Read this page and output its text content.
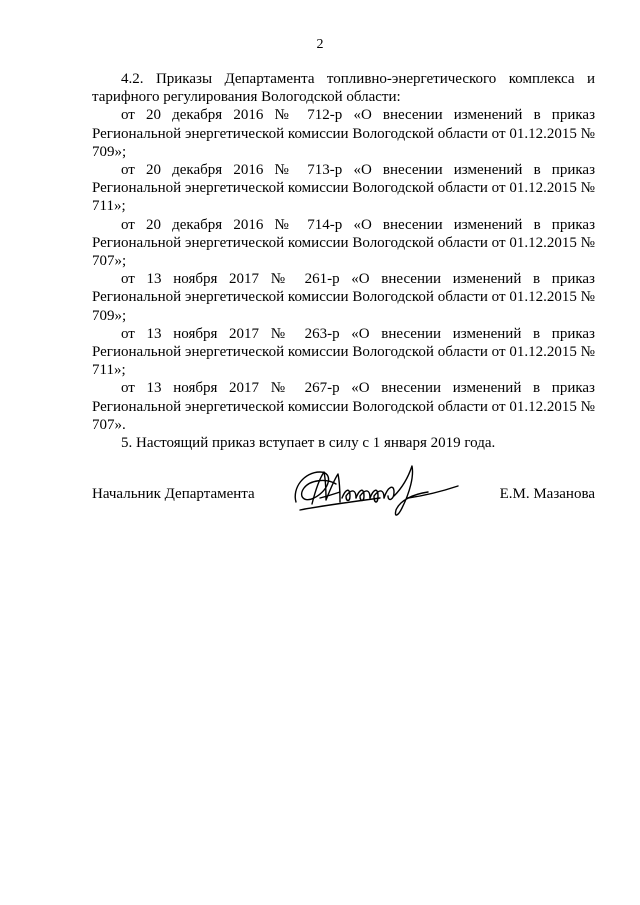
2

4.2. Приказы Департамента топливно-энергетического комплекса и тарифного регулирования Вологодской области:

от 20 декабря 2016 № 712-р «О внесении изменений в приказ Региональной энергетической комиссии Вологодской области от 01.12.2015 № 709»;

от 20 декабря 2016 № 713-р «О внесении изменений в приказ Региональной энергетической комиссии Вологодской области от 01.12.2015 № 711»;

от 20 декабря 2016 № 714-р «О внесении изменений в приказ Региональной энергетической комиссии Вологодской области от 01.12.2015 № 707»;

от 13 ноября 2017 № 261-р «О внесении изменений в приказ Региональной энергетической комиссии Вологодской области от 01.12.2015 № 709»;

от 13 ноября 2017 № 263-р «О внесении изменений в приказ Региональной энергетической комиссии Вологодской области от 01.12.2015 № 711»;

от 13 ноября 2017 № 267-р «О внесении изменений в приказ Региональной энергетической комиссии Вологодской области от 01.12.2015 № 707».

5. Настоящий приказ вступает в силу с 1 января 2019 года.

Начальник Департамента	Е.М. Мазанова
